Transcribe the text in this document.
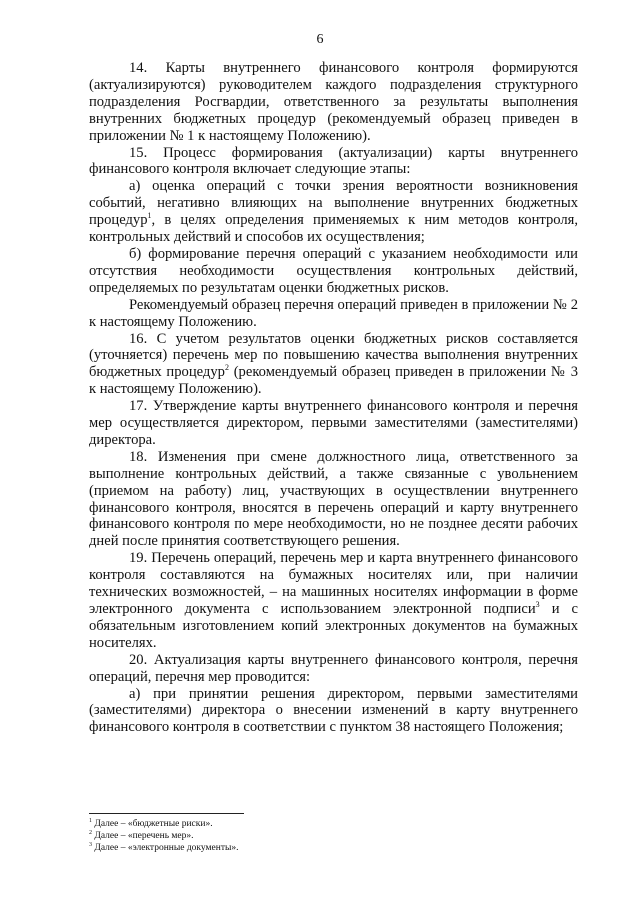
6

14. Карты внутреннего финансового контроля формируются (актуализируются) руководителем каждого подразделения структурного подразделения Росгвардии, ответственного за результаты выполнения внутренних бюджетных процедур (рекомендуемый образец приведен в приложении № 1 к настоящему Положению).

15. Процесс формирования (актуализации) карты внутреннего финансового контроля включает следующие этапы:

а) оценка операций с точки зрения вероятности возникновения событий, негативно влияющих на выполнение внутренних бюджетных процедур$^1$, в целях определения применяемых к ним методов контроля, контрольных действий и способов их осуществления;

б) формирование перечня операций с указанием необходимости или отсутствия необходимости осуществления контрольных действий, определяемых по результатам оценки бюджетных рисков.

Рекомендуемый образец перечня операций приведен в приложении № 2 к настоящему Положению.

16. С учетом результатов оценки бюджетных рисков составляется (уточняется) перечень мер по повышению качества выполнения внутренних бюджетных процедур$^2$ (рекомендуемый образец приведен в приложении № 3 к настоящему Положению).

17. Утверждение карты внутреннего финансового контроля и перечня мер осуществляется директором, первыми заместителями (заместителями) директора.

18. Изменения при смене должностного лица, ответственного за выполнение контрольных действий, а также связанные с увольнением (приемом на работу) лиц, участвующих в осуществлении внутреннего финансового контроля, вносятся в перечень операций и карту внутреннего финансового контроля по мере необходимости, но не позднее десяти рабочих дней после принятия соответствующего решения.

19. Перечень операций, перечень мер и карта внутреннего финансового контроля составляются на бумажных носителях или, при наличии технических возможностей, – на машинных носителях информации в форме электронного документа с использованием электронной подписи$^3$ и с обязательным изготовлением копий электронных документов на бумажных носителях.

20. Актуализация карты внутреннего финансового контроля, перечня операций, перечня мер проводится:

а) при принятии решения директором, первыми заместителями (заместителями) директора о внесении изменений в карту внутреннего финансового контроля в соответствии с пунктом 38 настоящего Положения;

$^1$ Далее – «бюджетные риски».
$^2$ Далее – «перечень мер».
$^3$ Далее – «электронные документы».
